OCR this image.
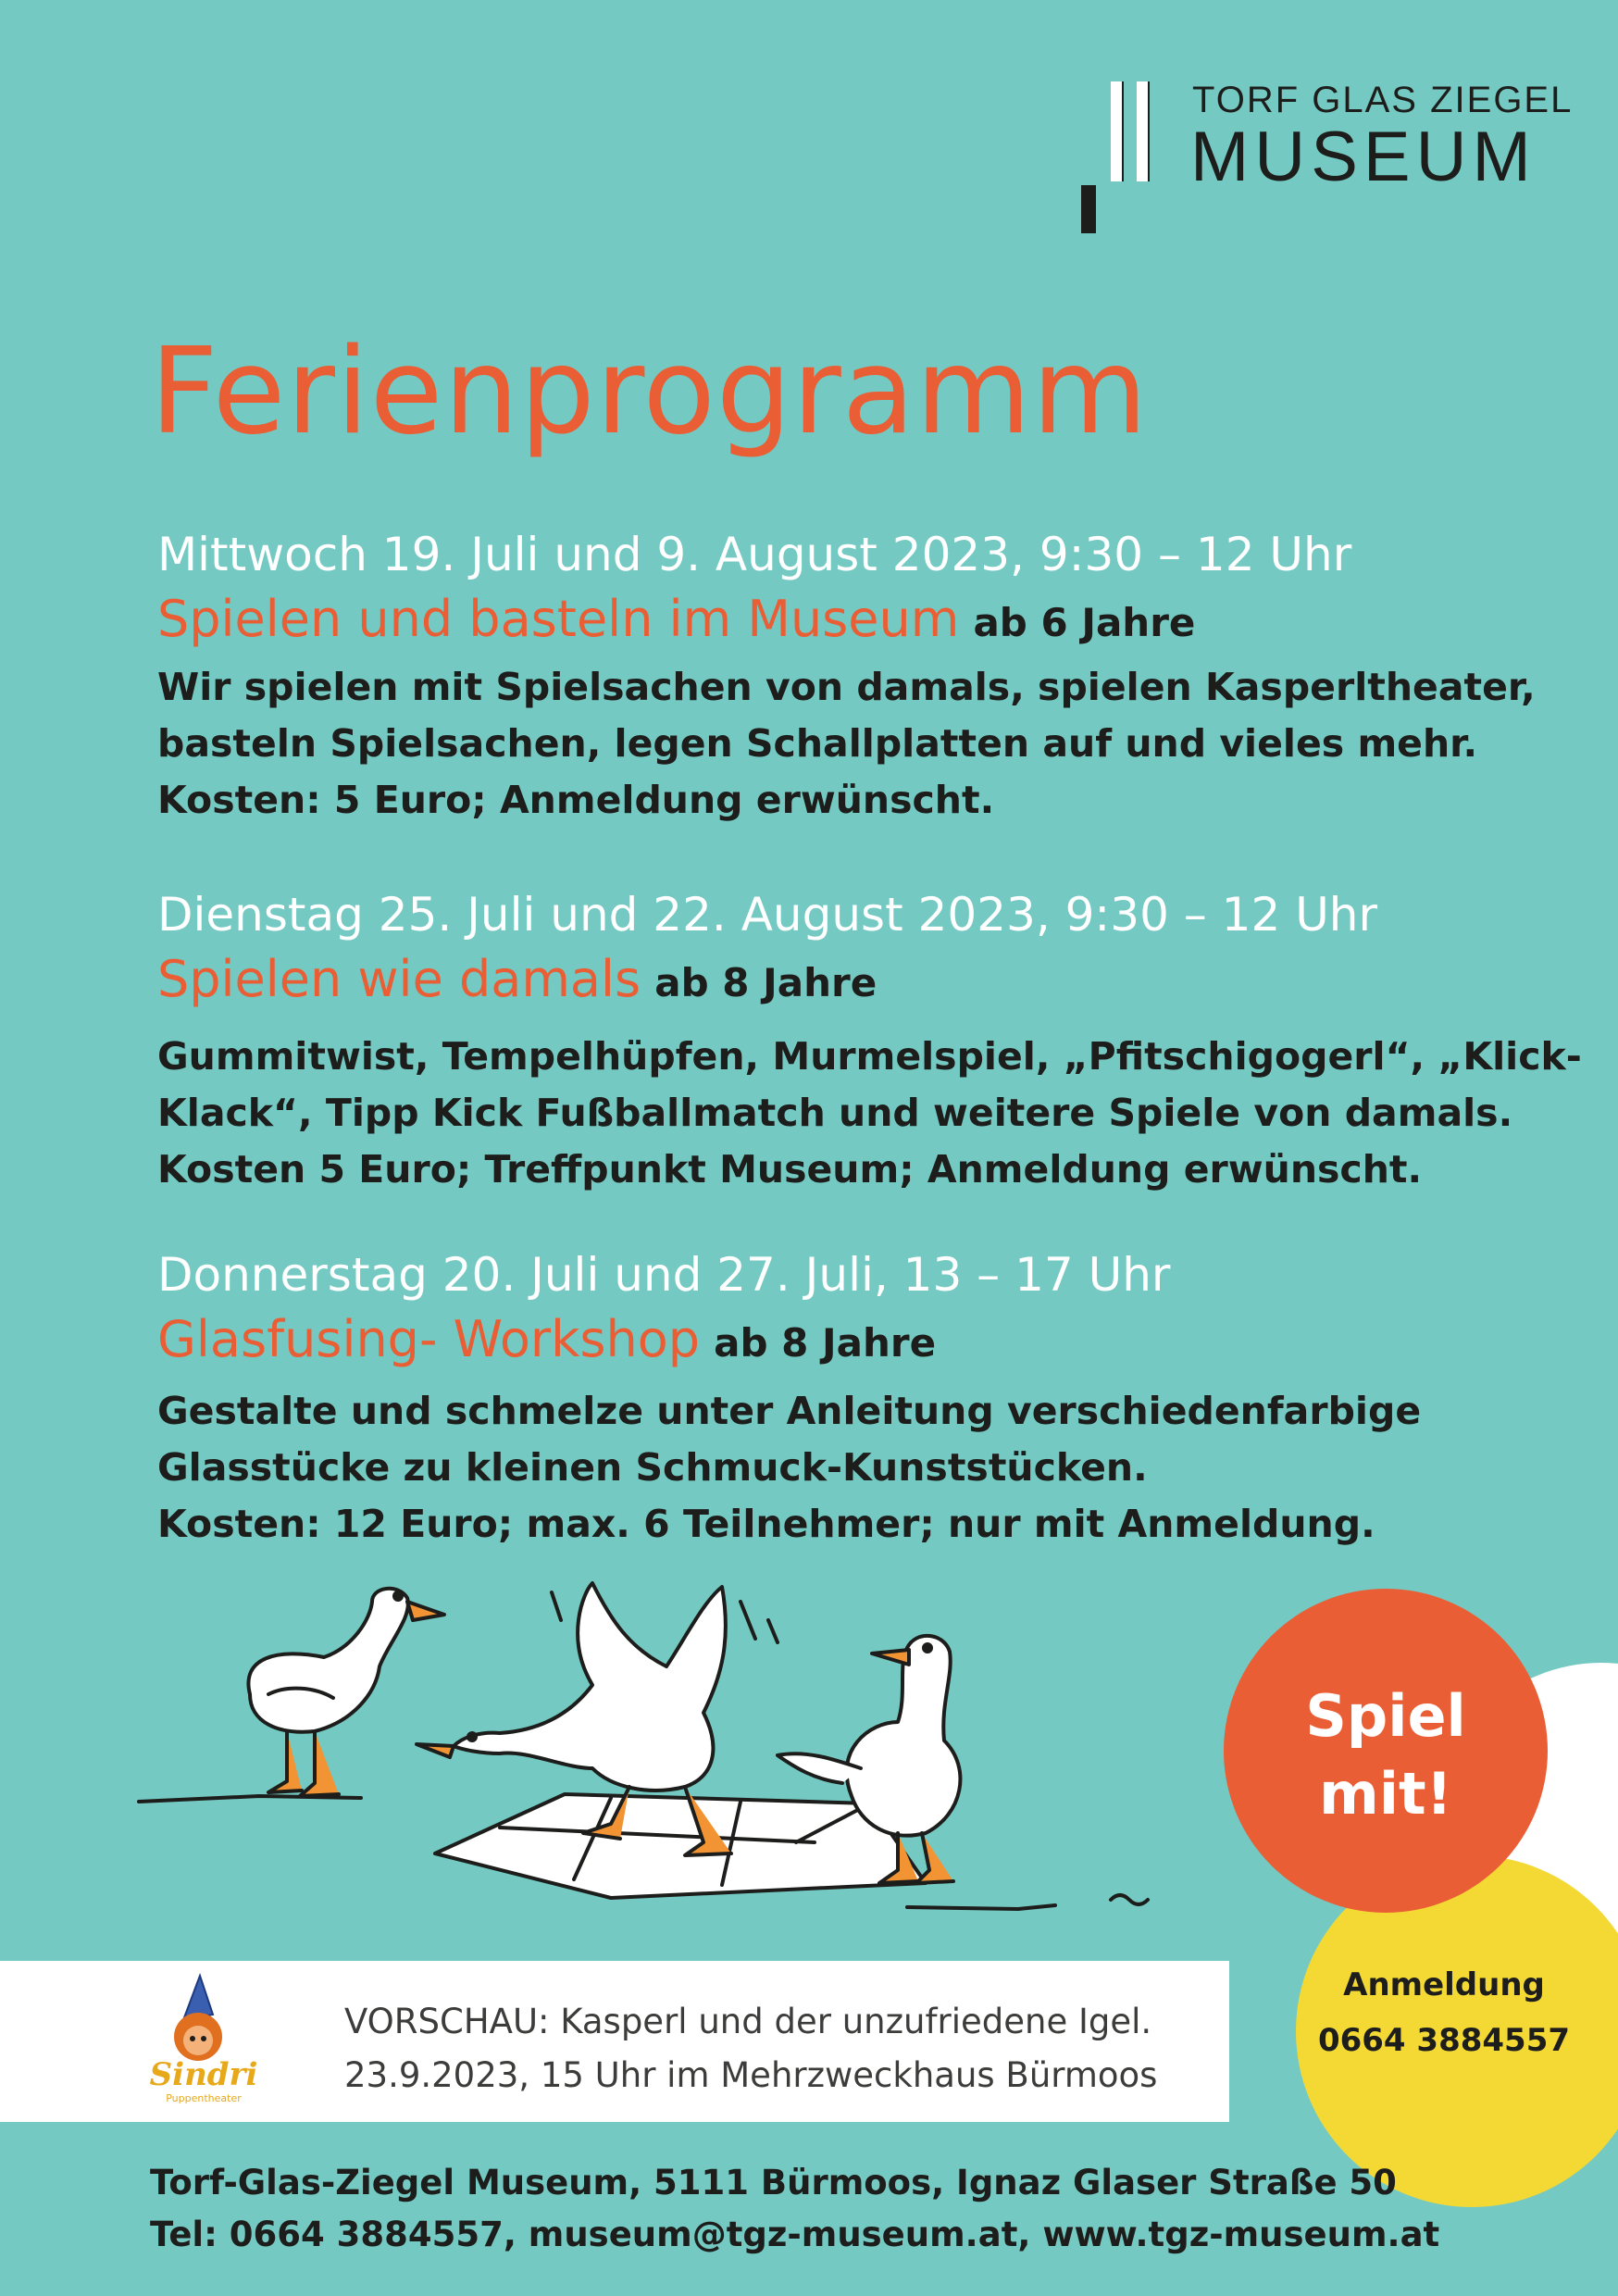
TORF GLAS ZIEGEL
MUSEUM
Ferienprogramm
Mittwoch 19. Juli und 9. August 2023, 9:30 – 12 Uhr
Spielen und basteln im Museum ab 6 Jahre
Wir spielen mit Spielsachen von damals, spielen Kasperltheater,
basteln Spielsachen, legen Schallplatten auf und vieles mehr.
Kosten: 5 Euro; Anmeldung erwünscht.
Dienstag 25. Juli und 22. August 2023, 9:30 – 12 Uhr
Spielen wie damals ab 8 Jahre
Gummitwist, Tempelhüpfen, Murmelspiel, „Pfitschigogerl“, „Klick-
Klack“, Tipp Kick Fußballmatch und weitere Spiele von damals.
Kosten 5 Euro; Treffpunkt Museum; Anmeldung erwünscht.
Donnerstag 20. Juli und 27. Juli, 13 – 17 Uhr
Glasfusing- Workshop ab 8 Jahre
Gestalte und schmelze unter Anleitung verschiedenfarbige
Glasstücke zu kleinen Schmuck-Kunststücken.
Kosten: 12 Euro; max. 6 Teilnehmer; nur mit Anmeldung.
Anmeldung
0664 3884557
Spiel
mit!
Sindri
Puppentheater
VORSCHAU: Kasperl und der unzufriedene Igel.
23.9.2023, 15 Uhr im Mehrzweckhaus Bürmoos
Torf-Glas-Ziegel Museum, 5111 Bürmoos, Ignaz Glaser Straße 50
Tel: 0664 3884557, museum@tgz-museum.at, www.tgz-museum.at
